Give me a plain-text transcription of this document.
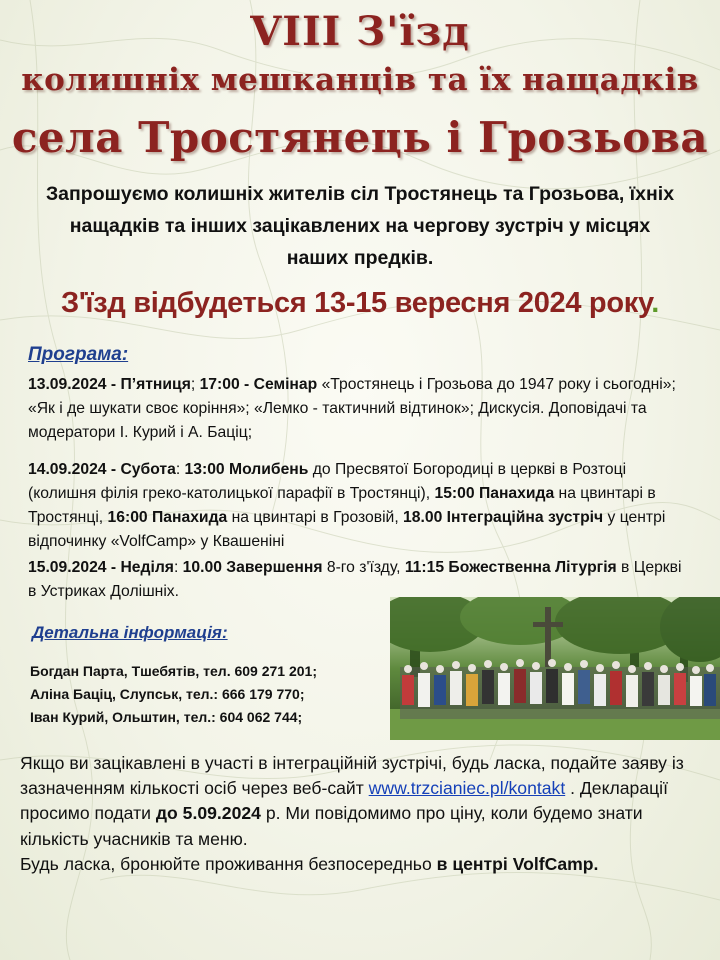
VIII З'їзд
колишніх мешканців та їх нащадків
села Тростянець і Грозьова
Запрошуємо колишніх жителів сіл Тростянець та Грозьова, їхніх нащадків та інших зацікавлених на чергову зустріч у місцях наших предків.
З'їзд відбудеться 13-15 вересня 2024 року.
Програма:
13.09.2024 - П’ятниця; 17:00 - Семінар «Тростянець і Грозьова до 1947 року і сьогодні»; «Як і де шукати своє коріння»; «Лемко - тактичний відтинок»; Дискусія. Доповідачі та модератори І. Курий і А. Баціц;
14.09.2024 - Субота: 13:00 Молибень до Пресвятої Богородиці в церкві в Розтоці (колишня філія греко-католицької парафії в Тростянці), 15:00 Панахида на цвинтарі в Тростянці, 16:00 Панахида на цвинтарі в Грозовій, 18.00 Інтеграційна зустріч у центрі відпочинку «VolfCamp» у Квашеніні
15.09.2024 - Неділя: 10.00 Завершення 8-го з'їзду, 11:15 Божественна Літургія в Церкві в Устриках Долішніх.
Детальна інформація:
Богдан Парта, Тшебятів, тел. 609 271 201;
Аліна Баціц, Слупськ, тел.: 666 179 770;
Іван Курий, Ольштин, тел.: 604 062 744;
Якщо ви зацікавлені в участі в інтеграційній зустрічі, будь ласка, подайте заяву із зазначенням кількості осіб через веб-сайт www.trzcianiec.pl/kontakt . Декларації просимо подати до 5.09.2024 р. Ми повідомимо про ціну, коли будемо знати кількість учасників та меню.
Будь ласка, бронюйте проживання безпосередньо в центрі VolfCamp.
